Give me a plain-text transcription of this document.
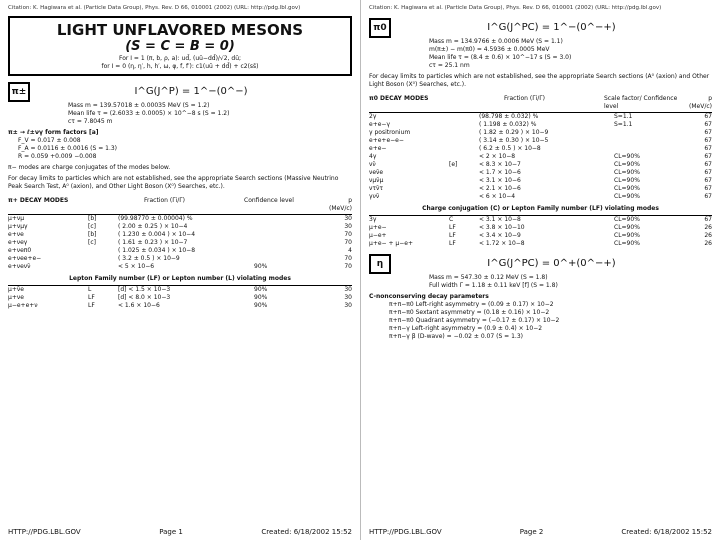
Citation: K. Hagiwara et al. (Particle Data Group), Phys. Rev. D 66, 010001 (2002) (URL: http://pdg.lbl.gov)
LIGHT UNFLAVORED MESONS
(S = C = B = 0)
For I = 1 (π, b, ρ, a): ud̄, (uū−dd̄)/√2, dū;
for I = 0 (η, η′, h, h′, ω, φ, f, f′): c1(uū + dd̄) + c2(ss̄)
π±	I^G(J^P) = 1^−(0^−)
Mass m = 139.57018 ± 0.00035 MeV (S = 1.2)
Mean life τ = (2.6033 ± 0.0005) × 10^−8 s (S = 1.2)
cτ = 7.8045 m
π± → ℓ±νγ form factors [a]
F_V = 0.017 ± 0.008
F_A = 0.0116 ± 0.0016 (S = 1.3)
R = 0.059 +0.009 −0.008
π− modes are charge conjugates of the modes below.
For decay limits to particles which are not established, see the appropriate Search sections (Massive Neutrino Peak Search Test, A⁰ (axion), and Other Light Boson (X⁰) Searches, etc.).
π+ DECAY MODES	Fraction (Γi/Γ)	Confidence level	p (MeV/c)
μ+νμ	[b]	(99.98770 ± 0.00004) %	30
μ+νμγ	[c]	( 2.00 ± 0.25 ) × 10−4	30
e+νe	[b]	( 1.230 ± 0.004 ) × 10−4	70
e+νeγ	[c]	( 1.61 ± 0.23 ) × 10−7	70
e+νeπ0	( 1.025 ± 0.034 ) × 10−8	4
e+νee+e−	( 3.2 ± 0.5 ) × 10−9	70
e+νeνν̄	< 5 × 10−6	90%	70
Lepton Family number (LF) or Lepton number (L) violating modes
μ+ν̄e	L	[d] < 1.5 × 10−3	90%	30
μ+νe	LF	[d] < 8.0 × 10−3	90%	30
μ−e+e+ν	LF	< 1.6 × 10−6	90%	30
HTTP://PDG.LBL.GOV	Page 1	Created: 6/18/2002 15:52
Citation: K. Hagiwara et al. (Particle Data Group), Phys. Rev. D 66, 010001 (2002) (URL: http://pdg.lbl.gov)
π0	I^G(J^PC) = 1^−(0^−+)
Mass m = 134.9766 ± 0.0006 MeV (S = 1.1)
m(π±) − m(π0) = 4.5936 ± 0.0005 MeV
Mean life τ = (8.4 ± 0.6) × 10^−17 s (S = 3.0)
cτ = 25.1 nm
For decay limits to particles which are not established, see the appropriate Search sections (A⁰ (axion) and Other Light Boson (X⁰) Searches, etc.).
π0 DECAY MODES	Fraction (Γi/Γ)	Scale factor/ Confidence level
p (MeV/c)
2γ	(98.798 ± 0.032) %	S=1.1	67
e+e−γ	( 1.198 ± 0.032) %	S=1.1	67
γ positronium	( 1.82 ± 0.29 ) × 10−9	67
e+e+e−e−	( 3.14 ± 0.30 ) × 10−5	67
e+e−	( 6.2 ± 0.5 ) × 10−8	67
4γ	< 2 × 10−8	CL=90%	67
νν̄	[e]	< 8.3 × 10−7	CL=90%	67
νeν̄e	< 1.7 × 10−6	CL=90%	67
νμν̄μ	< 3.1 × 10−6	CL=90%	67
ντν̄τ	< 2.1 × 10−6	CL=90%	67
γνν̄	< 6 × 10−4	CL=90%	67
Charge conjugation (C) or Lepton Family number (LF) violating modes
3γ	C	< 3.1 × 10−8	CL=90%	67
μ+e−	LF	< 3.8 × 10−10	CL=90%	26
μ−e+	LF	< 3.4 × 10−9	CL=90%	26
μ+e− + μ−e+	LF	< 1.72 × 10−8	CL=90%	26
η	I^G(J^PC) = 0^+(0^−+)
Mass m = 547.30 ± 0.12 MeV (S = 1.8)
Full width Γ = 1.18 ± 0.11 keV [f] (S = 1.8)
C-nonconserving decay parameters
π+π−π0 Left-right asymmetry = (0.09 ± 0.17) × 10−2
π+π−π0 Sextant asymmetry = (0.18 ± 0.16) × 10−2
π+π−π0 Quadrant asymmetry = (−0.17 ± 0.17) × 10−2
π+π−γ Left-right asymmetry = (0.9 ± 0.4) × 10−2
π+π−γ β (D-wave) = −0.02 ± 0.07 (S = 1.3)
HTTP://PDG.LBL.GOV	Page 2	Created: 6/18/2002 15:52
